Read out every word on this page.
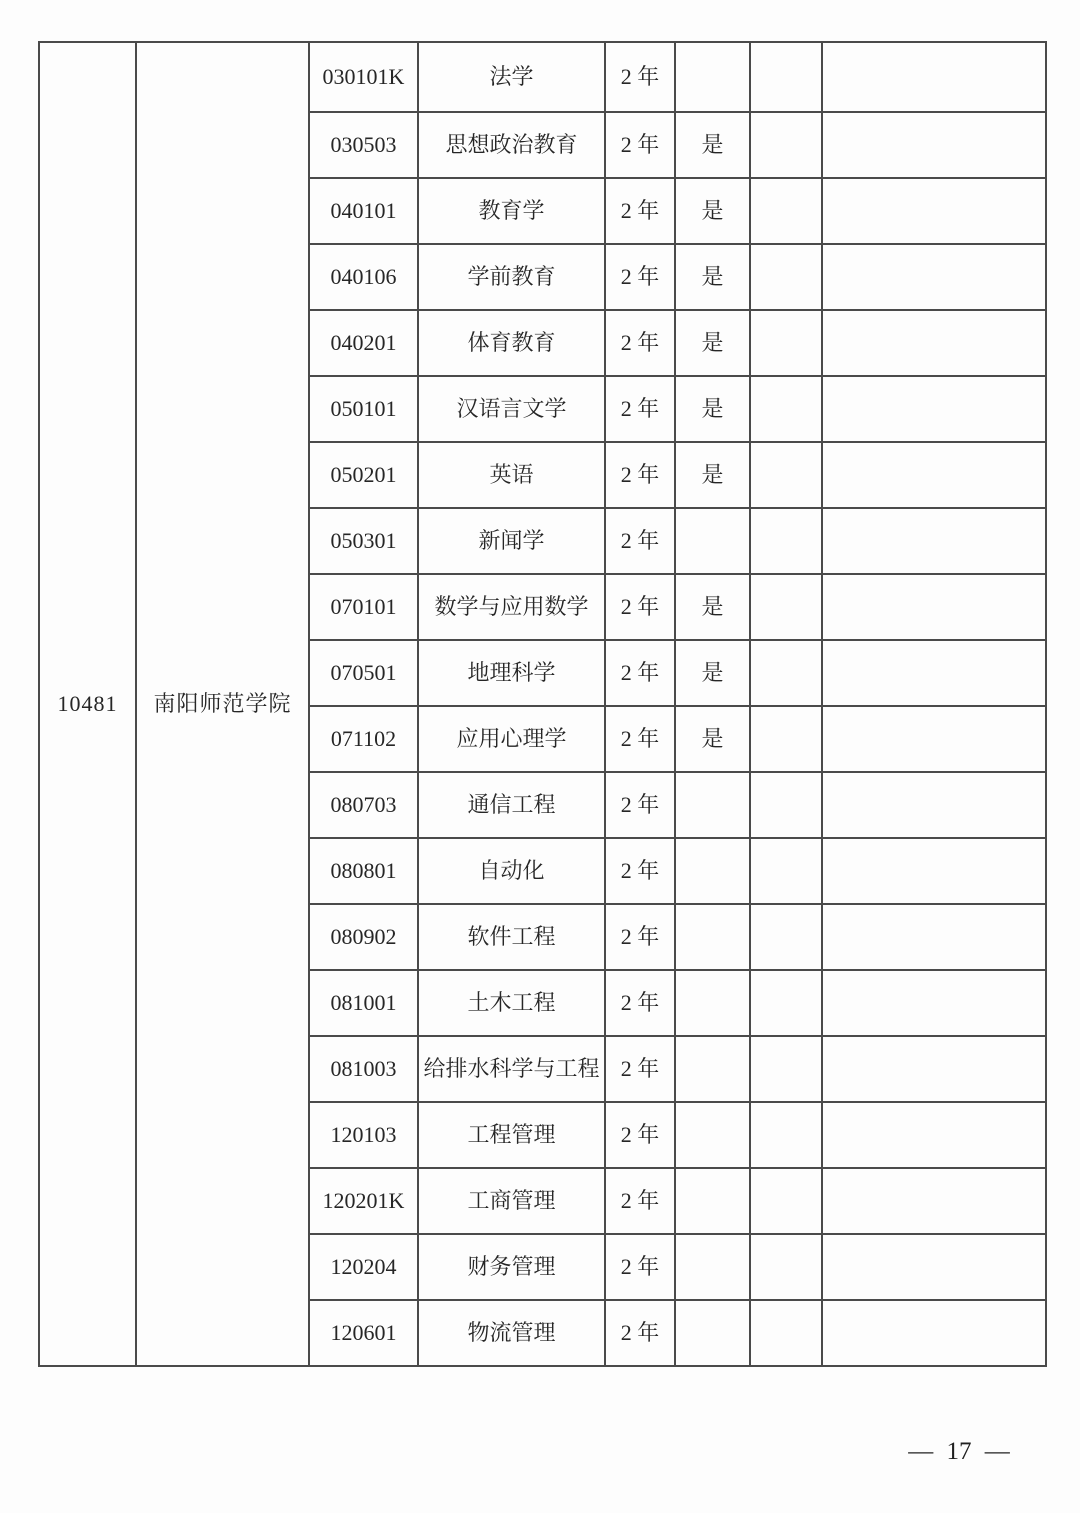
10481	南阳师范学院	030101K	法学	2 年			
		030503	思想政治教育	2 年	是		
		040101	教育学	2 年	是		
		040106	学前教育	2 年	是		
		040201	体育教育	2 年	是		
		050101	汉语言文学	2 年	是		
		050201	英语	2 年	是		
		050301	新闻学	2 年			
		070101	数学与应用数学	2 年	是		
		070501	地理科学	2 年	是		
		071102	应用心理学	2 年	是		
		080703	通信工程	2 年			
		080801	自动化	2 年			
		080902	软件工程	2 年			
		081001	土木工程	2 年			
		081003	给排水科学与工程	2 年			
		120103	工程管理	2 年			
		120201K	工商管理	2 年			
		120204	财务管理	2 年			
		120601	物流管理	2 年			
— 17 —
